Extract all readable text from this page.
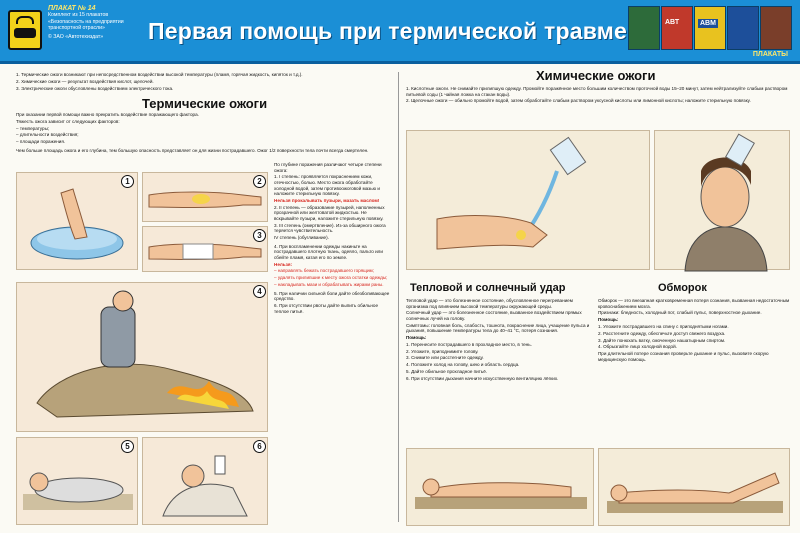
ПЛАКАТ № 14
Комплект из 15 плакатов
«Безопасность на предприятии
транспортной отрасли»
© ЗАО «Автотехиздат»	Первая помощь при термической травме	АВТ	АВМ
ПЛАКАТЫ

1. Термические ожоги возникают при непосредственном воздействии высокой температуры (пламя, горячая жидкость, кипяток и т.д.).

2. Химические ожоги — результат воздействия кислот, щелочей.

3. Электрические ожоги обусловлены воздействием электрического тока.

Термические ожоги

При оказании первой помощи важно прекратить воздействие поражающего фактора.

Тяжесть ожога зависит от следующих факторов:

– температуры;

– длительности воздействия;

– площади поражения.

Чем больше площадь ожога и его глубина, тем большую опасность представляет он для жизни пострадавшего. Ожог 1/2 поверхности тела почти всегда смертелен.

1	2
3
4
5	6

По глубине поражения различают четыре степени ожога:

1. I степень: проявляется покраснением кожи, отечностью, болью. Место ожога обработайте холодной водой, затем противоожоговой мазью и наложите стерильную повязку.

Нельзя прокалывать пузыри, мазать маслом!

2. II степень — образование пузырей, наполненных прозрачной или желтоватой жидкостью. Не вскрывайте пузыри, наложите стерильную повязку.

3. III степень (омертвление). Из-за обширного ожога теряется чувствительность.

IV степень (обугливание).

4. При воспламенении одежды накиньте на пострадавшего плотную ткань, одеяло, пальто или сбейте пламя, катая его по земле.

Нельзя:

– направлять бежать пострадавшего горящим;

– удалять прилипшие к месту ожога остатки одежды;

– накладывать мази и обрабатывать жирами раны.

5. При наличии сильной боли дайте обезболивающее средство.

6. При отсутствии рвоты дайте выпить обильное теплое питьё.

Химические ожоги

1. Кислотные ожоги. Не снимайте прилипшую одежду. Промойте поражённое место большим количеством проточной воды 15–20 минут, затем нейтрализуйте слабым раствором питьевой соды (1 чайная ложка на стакан воды).

2. Щелочные ожоги — обильно промойте водой, затем обработайте слабым раствором уксусной кислоты или лимонной кислоты; наложите стерильную повязку.

Тепловой и солнечный удар

Тепловой удар — это болезненное состояние, обусловленное перегреванием организма под влиянием высокой температуры окружающей среды.

Солнечный удар — это болезненное состояние, вызванное воздействием прямых солнечных лучей на голову.

Симптомы: головная боль, слабость, тошнота, покраснение лица, учащение пульса и дыхания, повышение температуры тела до 40–41 °С, потеря сознания.

Помощь:

1. Перенесите пострадавшего в прохладное место, в тень.

2. Уложите, приподнимите голову.

3. Снимите или расстегните одежду.

4. Положите холод на голову, шею и область сердца.

5. Дайте обильное прохладное питьё.

6. При отсутствии дыхания начните искусственную вентиляцию лёгких.

Обморок

Обморок — это внезапная кратковременная потеря сознания, вызванная недостаточным кровоснабжением мозга.

Признаки: бледность, холодный пот, слабый пульс, поверхностное дыхание.

Помощь:

1. Уложите пострадавшего на спину с приподнятыми ногами.

2. Расстегните одежду, обеспечьте доступ свежего воздуха.

3. Дайте понюхать ватку, смоченную нашатырным спиртом.

4. Обрызгайте лицо холодной водой.

При длительной потере сознания проверьте дыхание и пульс, вызовите скорую медицинскую помощь.
